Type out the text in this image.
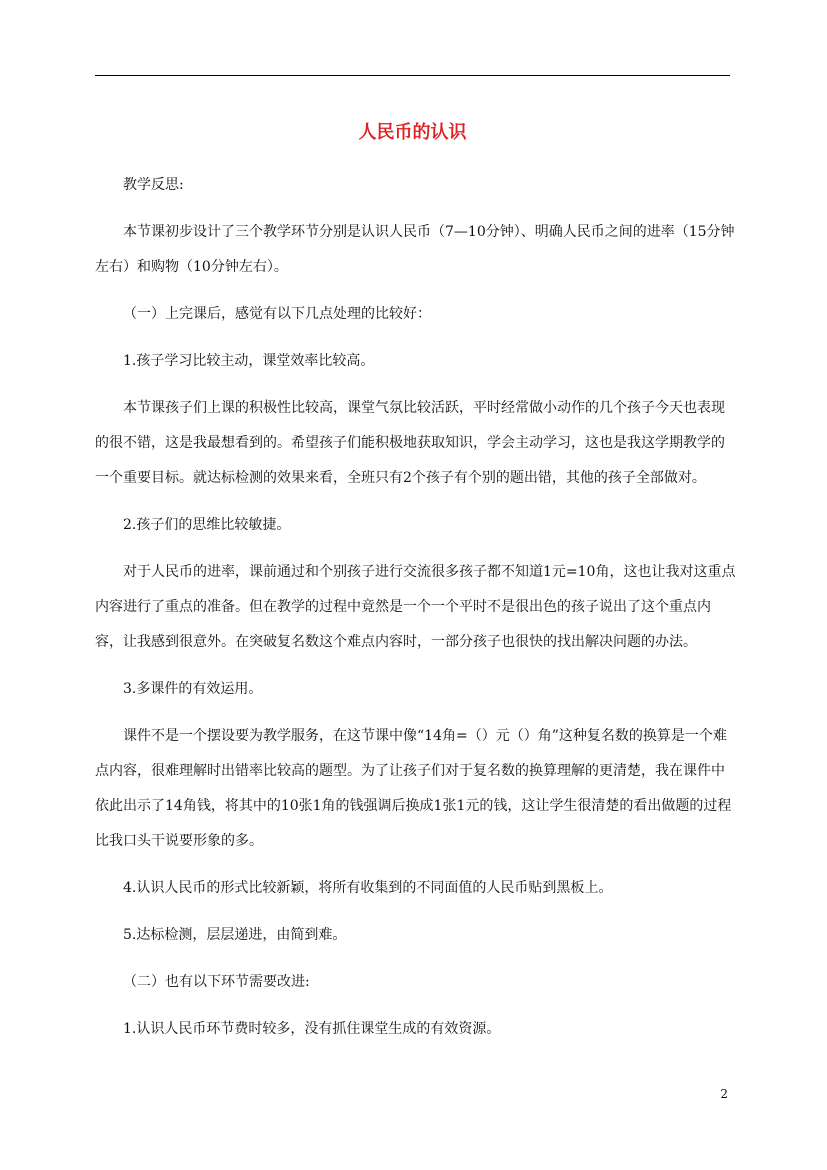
人民币的认识

教学反思:

本节课初步设计了三个教学环节分别是认识人民币（7—10分钟）、明确人民币之间的进率（15分钟左右）和购物（10分钟左右）。

（一）上完课后，感觉有以下几点处理的比较好：

1.孩子学习比较主动，课堂效率比较高。

本节课孩子们上课的积极性比较高，课堂气氛比较活跃，平时经常做小动作的几个孩子今天也表现的很不错，这是我最想看到的。希望孩子们能积极地获取知识，学会主动学习，这也是我这学期教学的一个重要目标。就达标检测的效果来看，全班只有2个孩子有个别的题出错，其他的孩子全部做对。

2.孩子们的思维比较敏捷。

对于人民币的进率，课前通过和个别孩子进行交流很多孩子都不知道1元=10角，这也让我对这重点内容进行了重点的准备。但在教学的过程中竟然是一个一个平时不是很出色的孩子说出了这个重点内容，让我感到很意外。在突破复名数这个难点内容时，一部分孩子也很快的找出解决问题的办法。

3.多课件的有效运用。

课件不是一个摆设要为教学服务，在这节课中像“14角=（）元（）角”这种复名数的换算是一个难点内容，很难理解时出错率比较高的题型。为了让孩子们对于复名数的换算理解的更清楚，我在课件中依此出示了14角钱，将其中的10张1角的钱强调后换成1张1元的钱，这让学生很清楚的看出做题的过程比我口头干说要形象的多。

4.认识人民币的形式比较新颖，将所有收集到的不同面值的人民币贴到黑板上。

5.达标检测，层层递进，由简到难。

（二）也有以下环节需要改进:

1.认识人民币环节费时较多，没有抓住课堂生成的有效资源。

2
